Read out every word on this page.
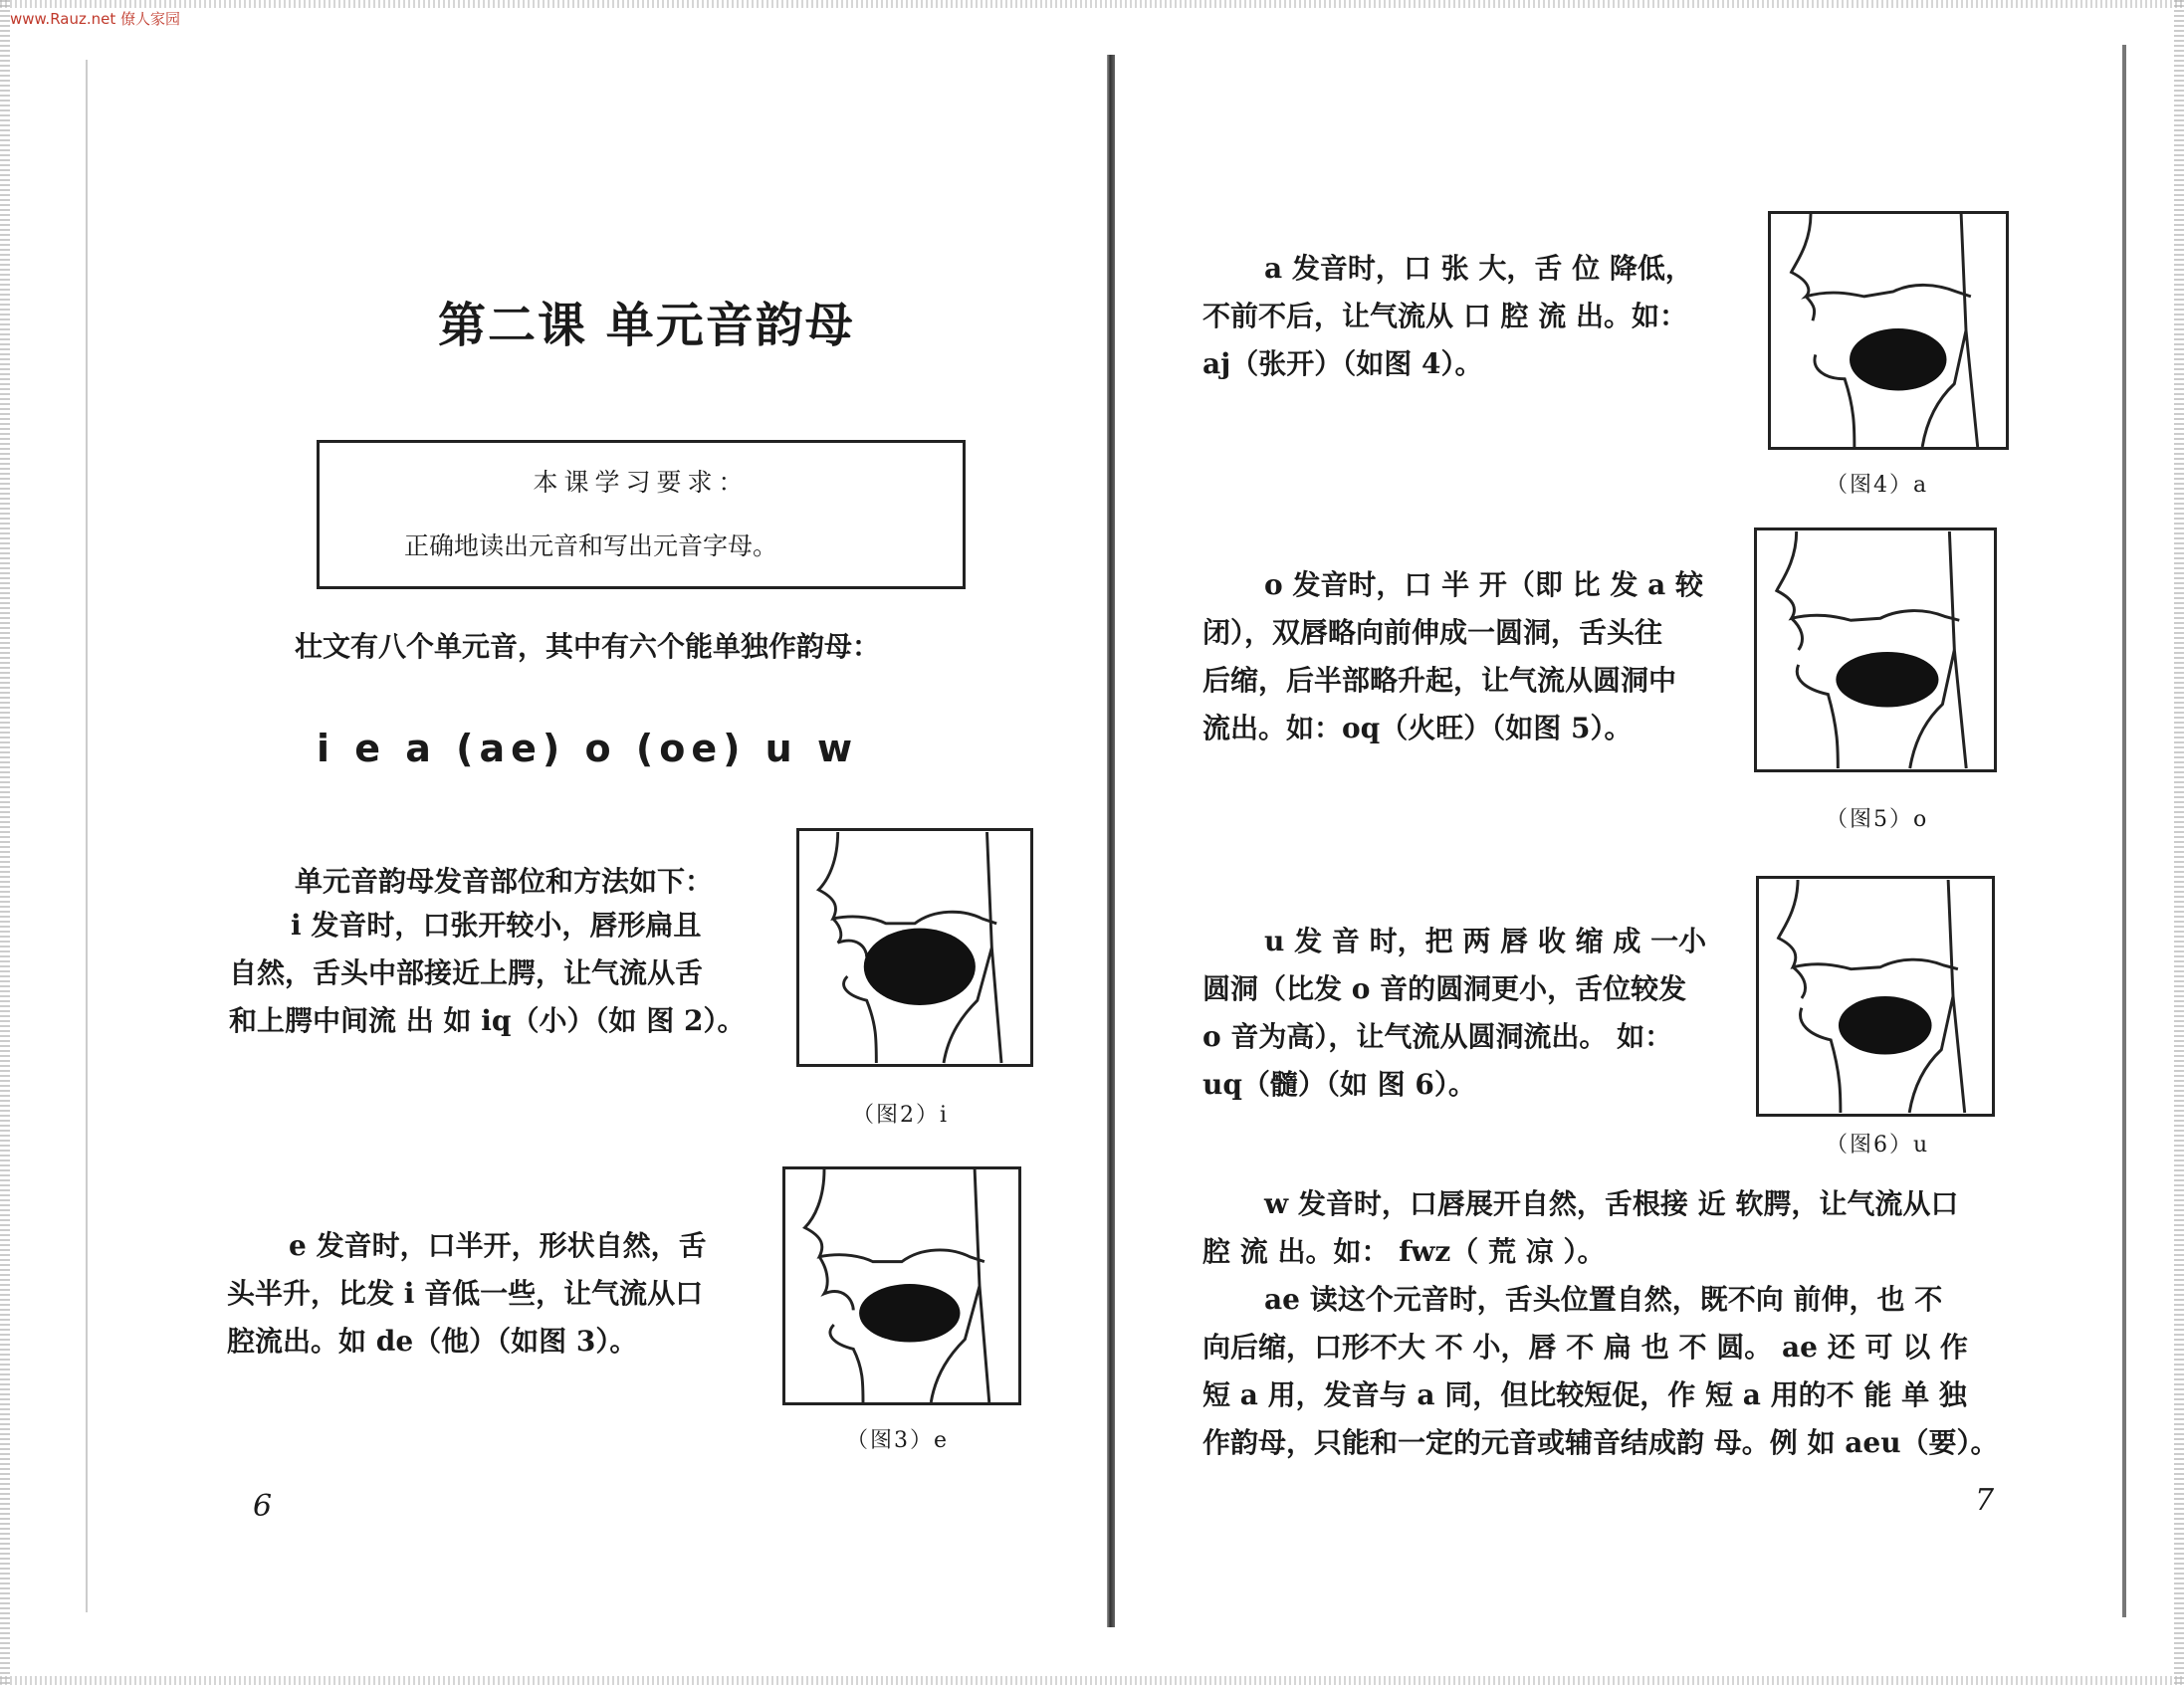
www.Rauz.net 僚人家园
第二课 单元音韵母
本课学习要求：
正确地读出元音和写出元音字母。
壮文有八个单元音，其中有六个能单独作韵母：
i e a (ae) o (oe) u w
单元音韵母发音部位和方法如下：
i 发音时，口张开较小，唇形扁且
自然，舌头中部接近上腭，让气流从舌
和上腭中间流 出 如 iq（小）（如 图 2）。
e 发音时，口半开，形状自然，舌
头半升，比发 i 音低一些，让气流从口
腔流出。如 de（他）（如图 3）。
（图2）i
（图3）e
6
a 发音时，口 张 大，舌 位 降低，
不前不后，让气流从 口 腔 流 出。如：
aj（张开）（如图 4）。
o 发音时，口 半 开（即 比 发 a 较
闭），双唇略向前伸成一圆洞，舌头往
后缩，后半部略升起，让气流从圆洞中
流出。如：oq（火旺）（如图 5）。
u 发 音 时，把 两 唇 收 缩 成 一小
圆洞（比发 o 音的圆洞更小，舌位较发
o 音为高），让气流从圆洞流出。 如：
uq（髓）（如 图 6）。
w 发音时，口唇展开自然，舌根接 近 软腭，让气流从口
腔 流 出。如： fwz（ 荒 凉 ）。
ae 读这个元音时，舌头位置自然，既不向 前伸，也 不
向后缩，口形不大 不 小，唇 不 扁 也 不 圆。 ae 还 可 以 作
短 a 用，发音与 a 同，但比较短促，作 短 a 用的不 能 单 独
作韵母，只能和一定的元音或辅音结成韵 母。例 如 aeu（要）。
（图4）a
（图5）o
（图6）u
7
